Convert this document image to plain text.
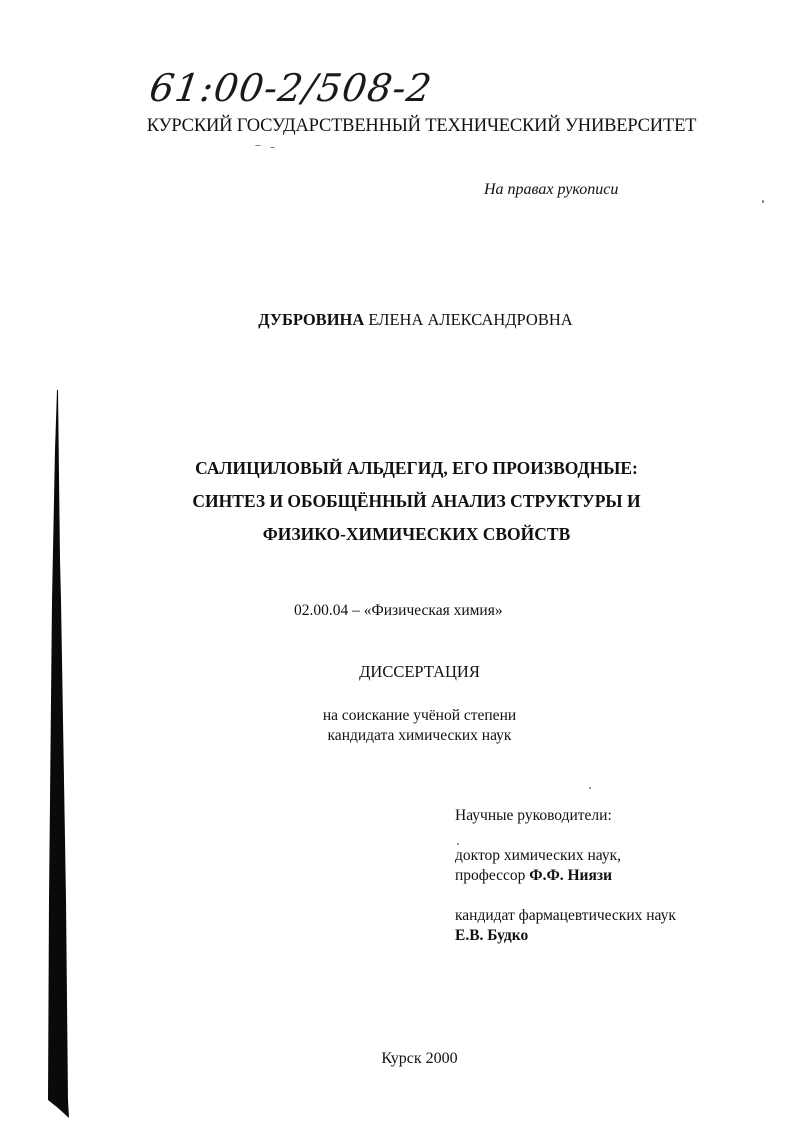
61:00-2/508-2
КУРСКИЙ ГОСУДАРСТВЕННЫЙ ТЕХНИЧЕСКИЙ УНИВЕРСИТЕТ
На правах рукописи
ДУБРОВИНА ЕЛЕНА АЛЕКСАНДРОВНА
САЛИЦИЛОВЫЙ АЛЬДЕГИД, ЕГО ПРОИЗВОДНЫЕ:
СИНТЕЗ И ОБОБЩЁННЫЙ АНАЛИЗ СТРУКТУРЫ И
ФИЗИКО-ХИМИЧЕСКИХ СВОЙСТВ
02.00.04 – «Физическая химия»
ДИССЕРТАЦИЯ
на соискание учёной степени
кандидата химических наук
Научные руководители:
доктор химических наук,
профессор Ф.Ф. Ниязи
кандидат фармацевтических наук
Е.В. Будко
Курск 2000
